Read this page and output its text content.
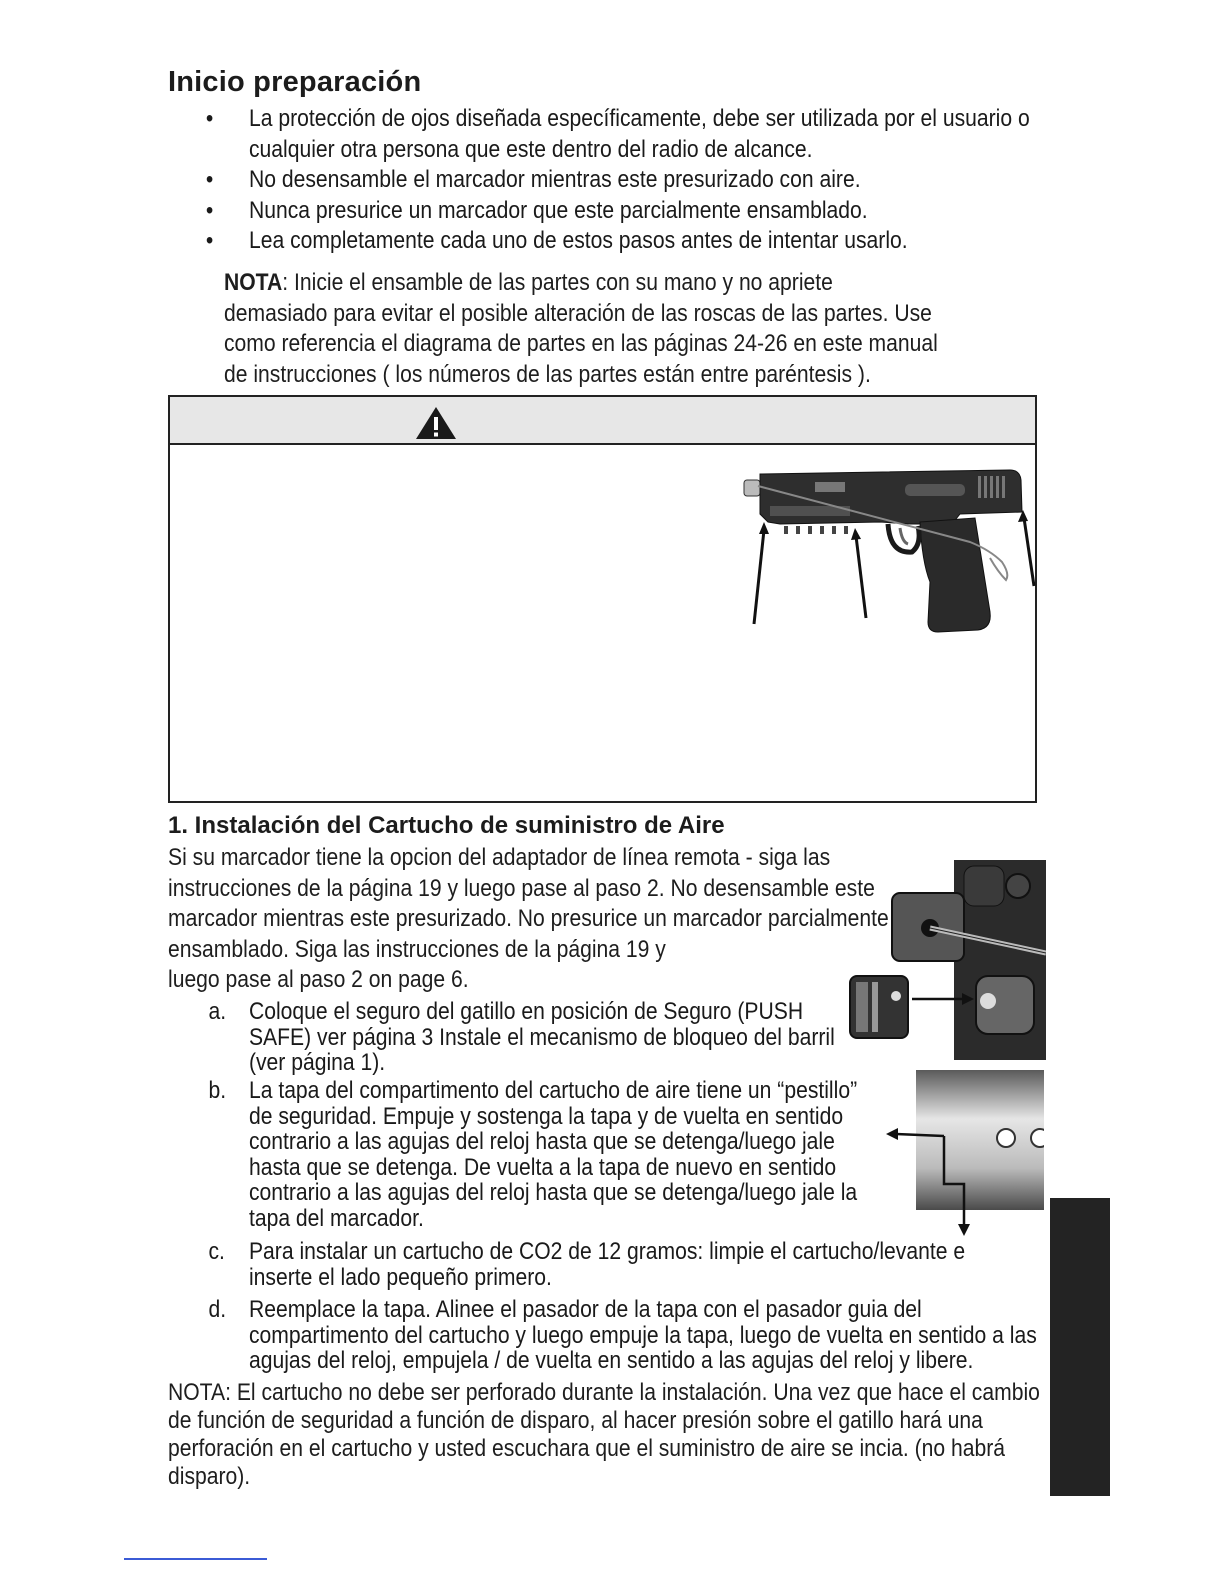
Inicio preparación
• La protección de ojos diseñada específicamente, debe ser utilizada por el usuario o
cualquier otra persona que este dentro del radio de alcance.
• No desensamble el marcador mientras este presurizado con aire.
• Nunca presurice un marcador que este parcialmente ensamblado.
• Lea completamente cada uno de estos pasos antes de intentar usarlo.
NOTA: Inicie el ensamble de las partes con su mano y no apriete
demasiado para evitar el posible alteración de las roscas de las partes. Use
como referencia el diagrama de partes en las páginas 24-26 en este manual
de instrucciones ( los números de las partes están entre paréntesis ).
1. Instalación del Cartucho de suministro de Aire
Si su marcador tiene la opcion del adaptador de línea remota - siga las
instrucciones de la página 19 y luego pase al paso 2. No desensamble este
marcador mientras este presurizado. No presurice un marcador parcialmente
ensamblado. Siga las instrucciones de la página 19 y
luego pase al paso 2 on page 6.
a. Coloque el seguro del gatillo en posición de Seguro (PUSH
SAFE) ver página 3 Instale el mecanismo de bloqueo del barril
(ver página 1).
b. La tapa del compartimento del cartucho de aire tiene un “pestillo”
de seguridad. Empuje y sostenga la tapa y de vuelta en sentido
contrario a las agujas del reloj hasta que se detenga/luego jale
hasta que se detenga. De vuelta a la tapa de nuevo en sentido
contrario a las agujas del reloj hasta que se detenga/luego jale la
tapa del marcador.
c. Para instalar un cartucho de CO2 de 12 gramos: limpie el cartucho/levante e
inserte el lado pequeño primero.
d. Reemplace la tapa. Alinee el pasador de la tapa con el pasador guia del
compartimento del cartucho y luego empuje la tapa, luego de vuelta en sentido a las
agujas del reloj, empujela / de vuelta en sentido a las agujas del reloj y libere.
NOTA: El cartucho no debe ser perforado durante la instalación. Una vez que hace el cambio
de función de seguridad a función de disparo, al hacer presión sobre el gatillo hará una
perforación en el cartucho y usted escuchara que el suministro de aire se incia. (no habrá
disparo).
